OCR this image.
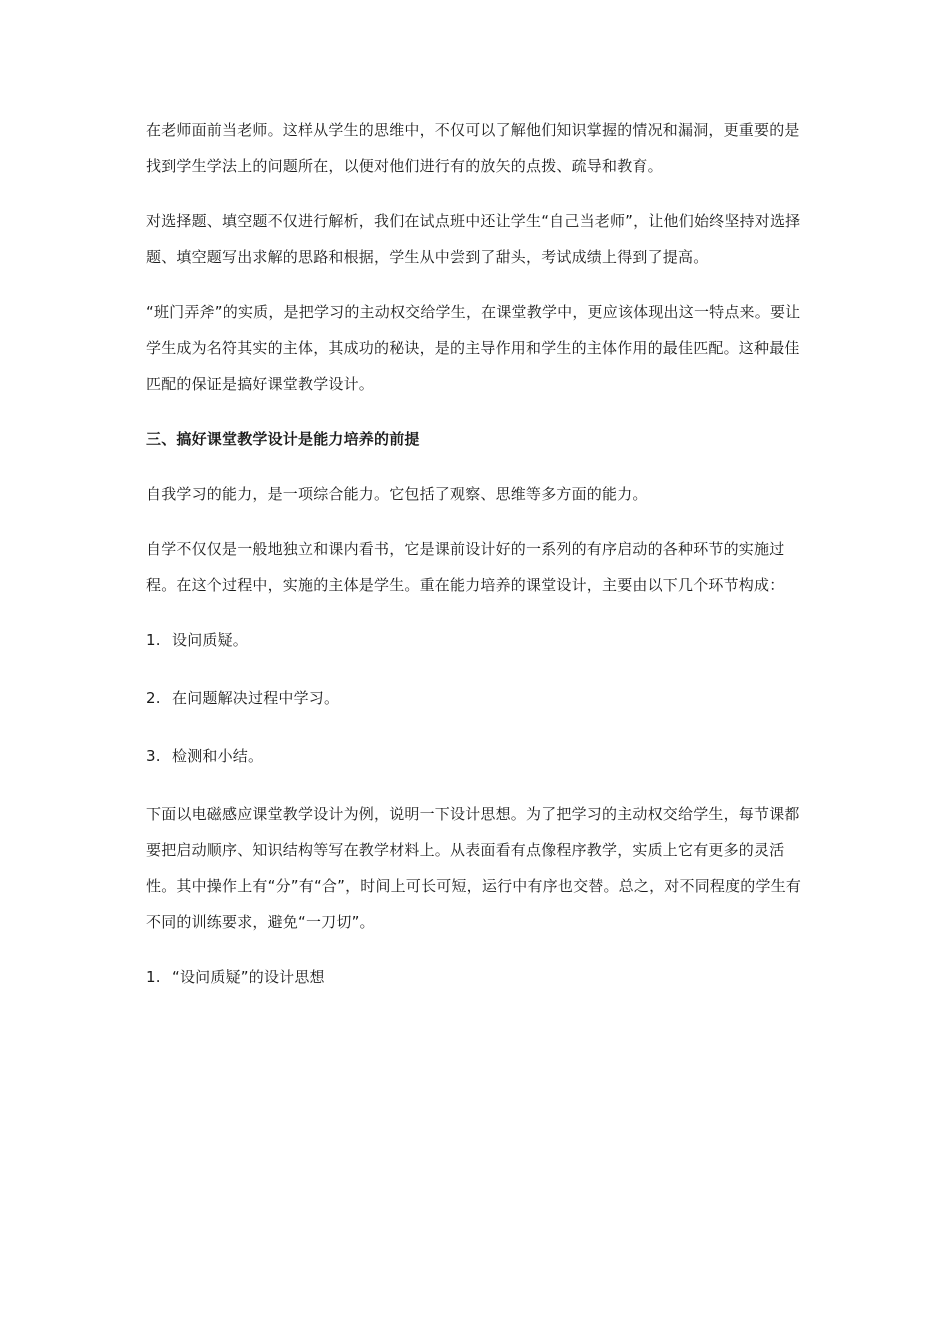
在老师面前当老师。这样从学生的思维中，不仅可以了解他们知识掌握的情况和漏洞，更重要的是找到学生学法上的问题所在，以便对他们进行有的放矢的点拨、疏导和教育。

对选择题、填空题不仅进行解析，我们在试点班中还让学生“自己当老师”，让他们始终坚持对选择题、填空题写出求解的思路和根据，学生从中尝到了甜头，考试成绩上得到了提高。

“班门弄斧”的实质，是把学习的主动权交给学生，在课堂教学中，更应该体现出这一特点来。要让学生成为名符其实的主体，其成功的秘诀，是的主导作用和学生的主体作用的最佳匹配。这种最佳匹配的保证是搞好课堂教学设计。

三、搞好课堂教学设计是能力培养的前提

自我学习的能力，是一项综合能力。它包括了观察、思维等多方面的能力。

自学不仅仅是一般地独立和课内看书，它是课前设计好的一系列的有序启动的各种环节的实施过程。在这个过程中，实施的主体是学生。重在能力培养的课堂设计，主要由以下几个环节构成：

1. 设问质疑。

2. 在问题解决过程中学习。

3. 检测和小结。

下面以电磁感应课堂教学设计为例，说明一下设计思想。为了把学习的主动权交给学生，每节课都要把启动顺序、知识结构等写在教学材料上。从表面看有点像程序教学，实质上它有更多的灵活性。其中操作上有“分”有“合”，时间上可长可短，运行中有序也交替。总之，对不同程度的学生有不同的训练要求，避免“一刀切”。

1. “设问质疑”的设计思想
